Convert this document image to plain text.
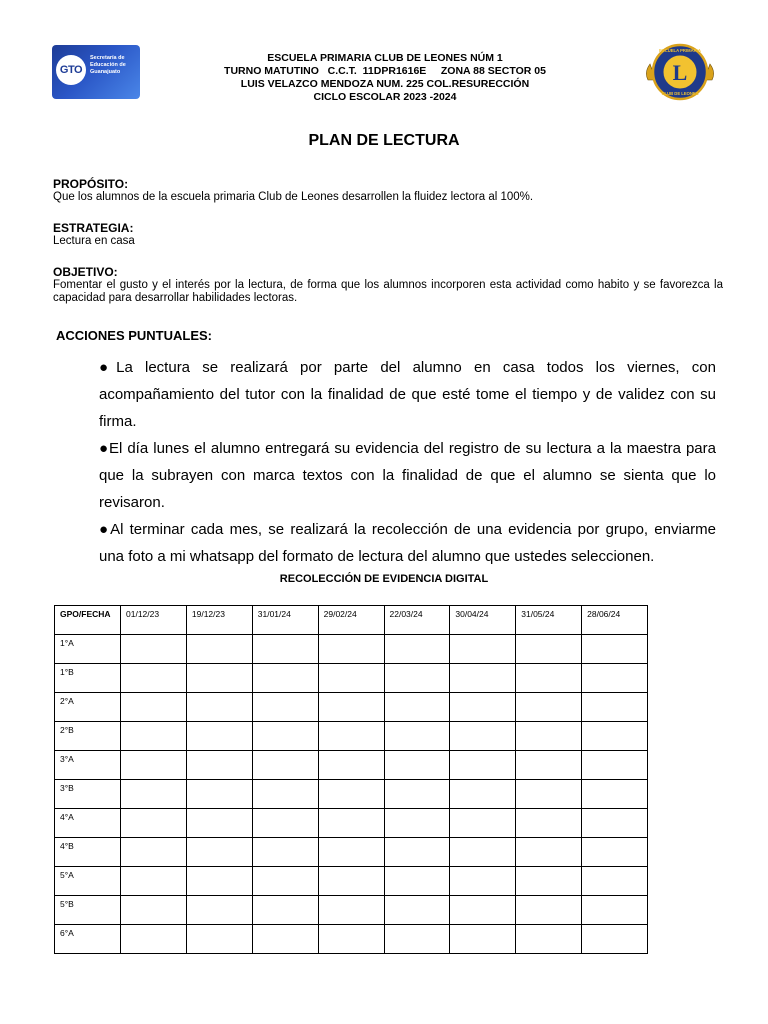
GTO
Secretaría de Educación de Guanajuato
ESCUELA PRIMARIA
L
CLUB DE LEONES
ESCUELA PRIMARIA CLUB DE LEONES NÚM 1
TURNO MATUTINO   C.C.T.  11DPR1616E     ZONA 88 SECTOR 05
LUIS VELAZCO MENDOZA NUM. 225 COL.RESURECCIÓN
CICLO ESCOLAR 2023 -2024
PLAN DE LECTURA
PROPÓSITO:
Que los alumnos de la escuela primaria Club de Leones desarrollen la fluidez lectora al 100%.
ESTRATEGIA:
Lectura en casa
OBJETIVO:
Fomentar el gusto y el interés por la lectura, de forma que los alumnos incorporen esta actividad como habito y se favorezca la capacidad para desarrollar habilidades lectoras.
ACCIONES PUNTUALES:

●La lectura se realizará por parte del alumno en casa todos los viernes, con acompañamiento del tutor con la finalidad de que esté tome el tiempo y de validez con su firma.

●El día lunes el alumno entregará su evidencia del registro de su lectura a la maestra para que la subrayen con marca textos con la finalidad de que el alumno se sienta que lo revisaron.

●Al terminar cada mes, se realizará la recolección de una evidencia por grupo, enviarme una foto a mi whatsapp del formato de lectura del alumno que ustedes seleccionen.

RECOLECCIÓN DE EVIDENCIA DIGITAL
GPO/FECHA	01/12/23	19/12/23	31/01/24	29/02/24	22/03/24	30/04/24	31/05/24	28/06/24
1°A								
1°B								
2°A								
2°B								
3°A								
3°B								
4°A								
4°B								
5°A								
5°B								
6°A								
